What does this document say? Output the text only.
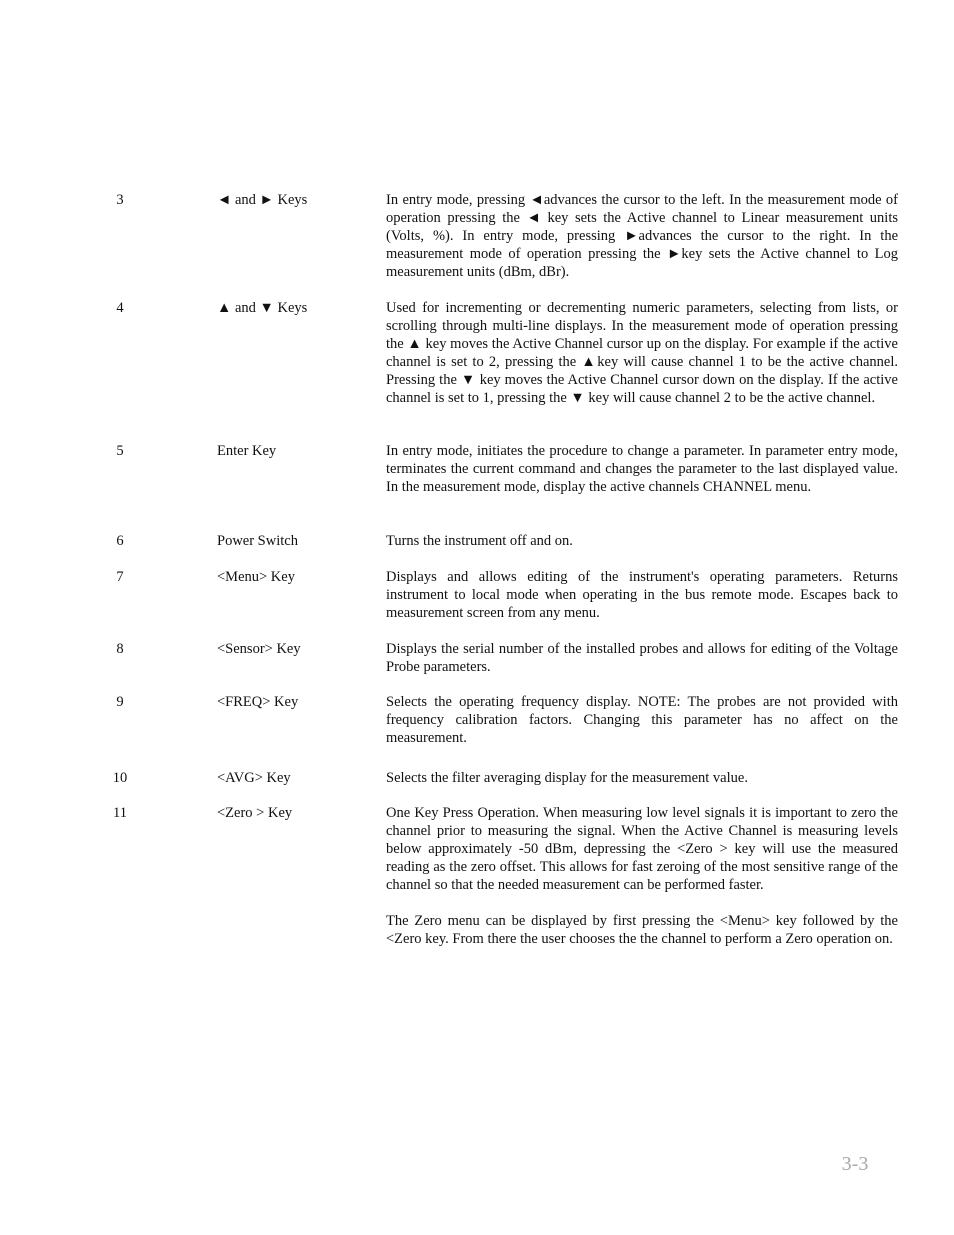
3	◄ and ► Keys	In entry mode, pressing ◄advances the cursor to the left. In the measurement mode of operation pressing the ◄ key sets the Active channel to Linear measurement units (Volts, %). In entry mode, pressing ►advances the cursor to the right. In the measurement mode of operation pressing the ►key sets the Active channel to Log measurement units (dBm, dBr).

4	▲ and ▼ Keys	Used for incrementing or decrementing numeric parameters, selecting from lists, or scrolling through multi-line displays. In the measurement mode of operation pressing the ▲ key moves the Active Channel cursor up on the display. For example if the active channel is set to 2, pressing the ▲key will cause channel 1 to be the active channel. Pressing the ▼ key moves the Active Channel cursor down on the display. If the active channel is set to 1, pressing the ▼ key will cause channel 2 to be the active channel.

5	Enter Key	In entry mode, initiates the procedure to change a parameter. In parameter entry mode, terminates the current command and changes the parameter to the last displayed value. In the measurement mode, display the active channels CHANNEL menu.

6	Power Switch	Turns the instrument off and on.

7	<Menu> Key	Displays and allows editing of the instrument's operating parameters. Returns instrument to local mode when operating in the bus remote mode. Escapes back to measurement screen from any menu.

8	<Sensor> Key	Displays the serial number of the installed probes and allows for editing of the Voltage Probe parameters.

9	<FREQ> Key	Selects the operating frequency display. NOTE: The probes are not provided with frequency calibration factors. Changing this parameter has no affect on the measurement.

10	<AVG> Key	Selects the filter averaging display for the measurement value.

11	<Zero > Key	One Key Press Operation. When measuring low level signals it is important to zero the channel prior to measuring the signal. When the Active Channel is measuring levels below approximately -50 dBm, depressing the <Zero > key will use the measured reading as the zero offset. This allows for fast zeroing of the most sensitive range of the channel so that the needed measurement can be performed faster.

The Zero menu can be displayed by first pressing the <Menu> key followed by the <Zero key. From there the user chooses the the channel to perform a Zero operation on.

3-3
